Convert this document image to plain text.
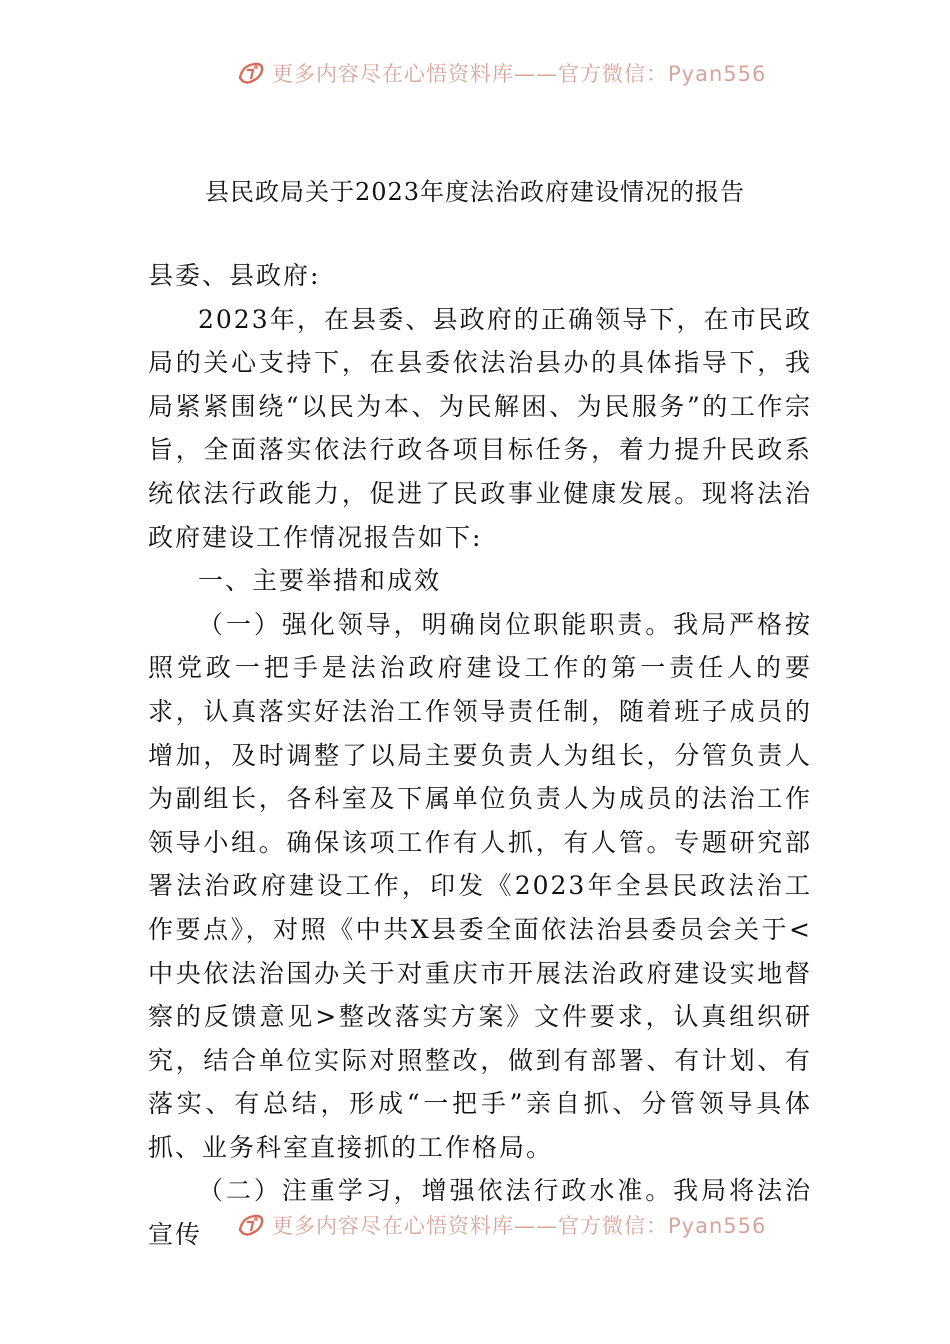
更多内容尽在心悟资料库——官方微信：Pyan556
县民政局关于2023年度法治政府建设情况的报告

县委、县政府:

2023年，在县委、县政府的正确领导下，在市民政局的关心支持下，在县委依法治县办的具体指导下，我局紧紧围绕“以民为本、为民解困、为民服务”的工作宗旨，全面落实依法行政各项目标任务，着力提升民政系统依法行政能力，促进了民政事业健康发展。现将法治政府建设工作情况报告如下:

一、主要举措和成效

（一）强化领导，明确岗位职能职责。我局严格按照党政一把手是法治政府建设工作的第一责任人的要求，认真落实好法治工作领导责任制，随着班子成员的增加，及时调整了以局主要负责人为组长，分管负责人为副组长，各科室及下属单位负责人为成员的法治工作领导小组。确保该项工作有人抓，有人管。专题研究部署法治政府建设工作，印发《2023年全县民政法治工作要点》，对照《中共X县委全面依法治县委员会关于<中央依法治国办关于对重庆市开展法治政府建设实地督察的反馈意见>整改落实方案》文件要求，认真组织研究，结合单位实际对照整改，做到有部署、有计划、有落实、有总结，形成“一把手”亲自抓、分管领导具体抓、业务科室直接抓的工作格局。

（二）注重学习，增强依法行政水准。我局将法治宣传	更多内容尽在心悟资料库——官方微信：Pyan556
